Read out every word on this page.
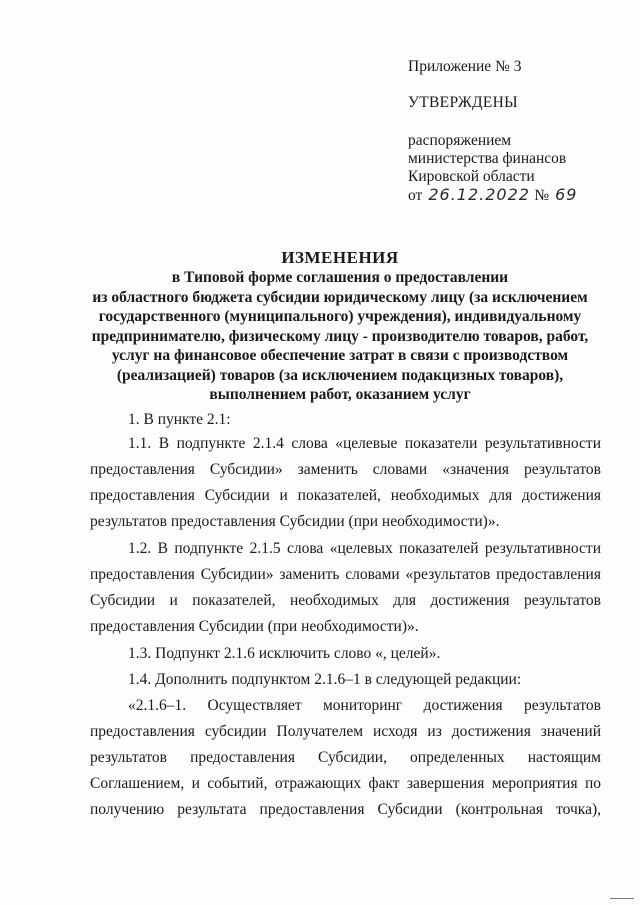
Приложение № 3
УТВЕРЖДЕНЫ
распоряжением
министерства финансов
Кировской области
от 26.12.2022 № 69
ИЗМЕНЕНИЯ
в Типовой форме соглашения о предоставлении
из областного бюджета субсидии юридическому лицу (за исключением
государственного (муниципального) учреждения), индивидуальному
предпринимателю, физическому лицу - производителю товаров, работ,
услуг на финансовое обеспечение затрат в связи с производством
(реализацией) товаров (за исключением подакцизных товаров),
выполнением работ, оказанием услуг
1. В пункте 2.1:
1.1. В подпункте 2.1.4 слова «целевые показатели результативности
предоставления Субсидии» заменить словами «значения результатов
предоставления Субсидии и показателей, необходимых для достижения
результатов предоставления Субсидии (при необходимости)».
1.2. В подпункте 2.1.5 слова «целевых показателей результативности
предоставления Субсидии» заменить словами «результатов предоставления
Субсидии и показателей, необходимых для достижения результатов
предоставления Субсидии (при необходимости)».
1.3. Подпункт 2.1.6 исключить слово «, целей».
1.4. Дополнить подпунктом 2.1.6–1 в следующей редакции:
«2.1.6–1. Осуществляет мониторинг достижения результатов
предоставления субсидии Получателем исходя из достижения значений
результатов предоставления Субсидии, определенных настоящим
Соглашением, и событий, отражающих факт завершения мероприятия по
получению результата предоставления Субсидии (контрольная точка),
